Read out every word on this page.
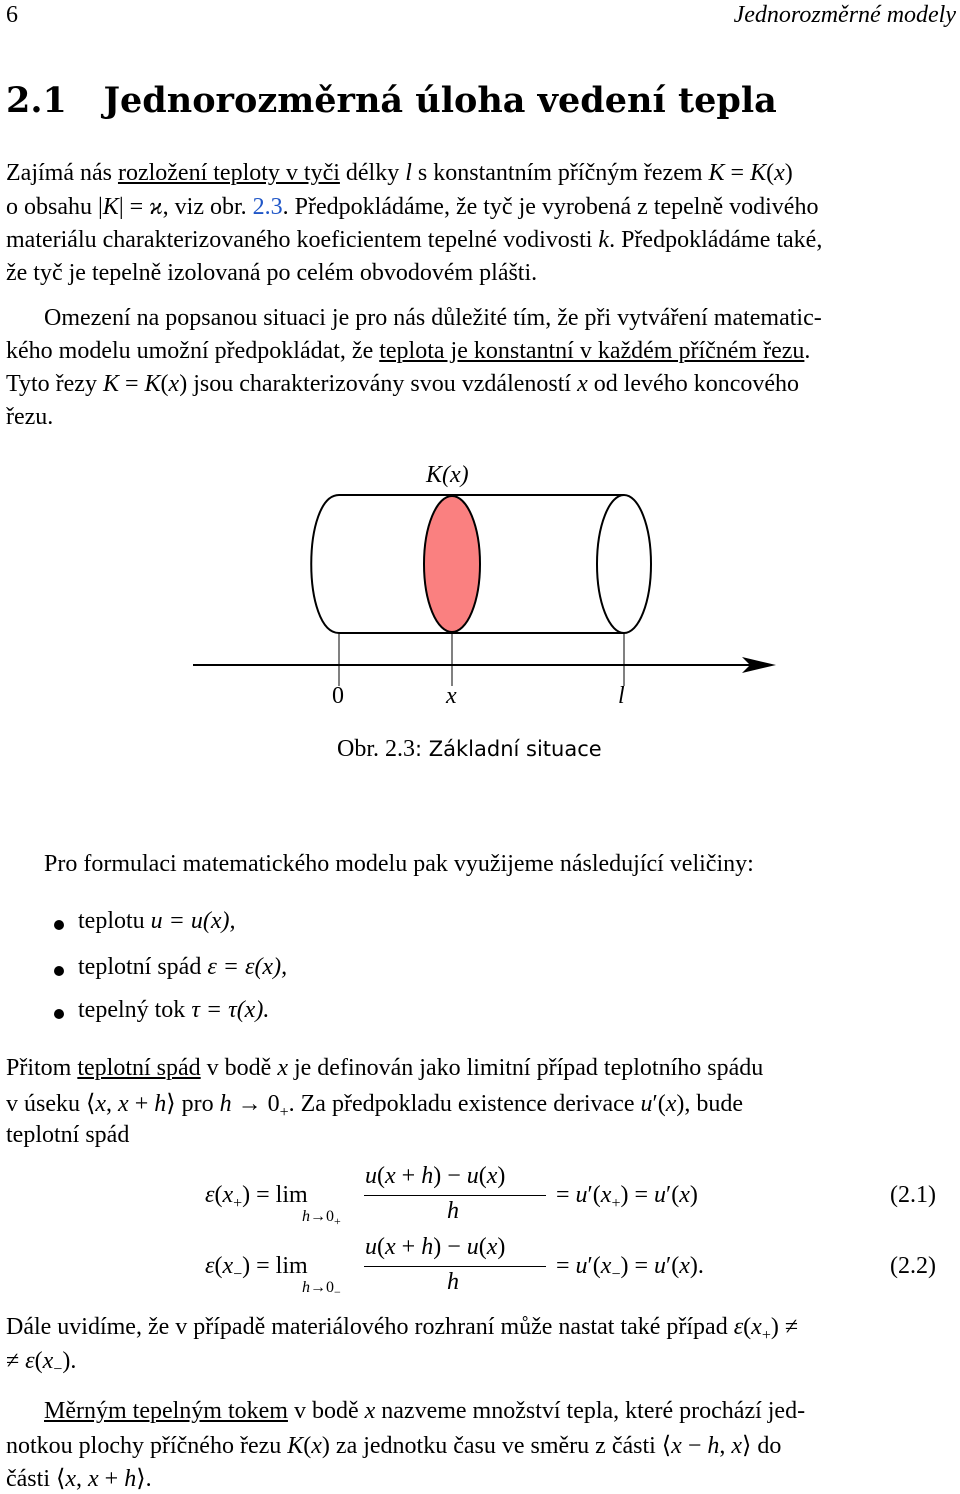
6	Jednorozměrné modely
2.1 Jednorozměrná úloha vedení tepla
Zajímá nás rozložení teploty v tyči délky l s konstantním příčným řezem K = K(x)
o obsahu |K| = ϰ, viz obr. 2.3. Předpokládáme, že tyč je vyrobená z tepelně vodivého
materiálu charakterizovaného koeficientem tepelné vodivosti k. Předpokládáme také,
že tyč je tepelně izolovaná po celém obvodovém plášti.
Omezení na popsanou situaci je pro nás důležité tím, že při vytváření matematic-
kého modelu umožní předpokládat, že teplota je konstantní v každém příčném řezu.
Tyto řezy K = K(x) jsou charakterizovány svou vzdáleností x od levého koncového
řezu.
K(x)
0	x	l
Obr. 2.3: Základní situace
Pro formulaci matematického modelu pak využijeme následující veličiny:
teplotu u = u(x),
teplotní spád ε = ε(x),
tepelný tok τ = τ(x).
Přitom teplotní spád v bodě x je definován jako limitní případ teplotního spádu
v úseku ⟨x, x + h⟩ pro $h \to 0_+$. Za předpokladu existence derivace u′(x), bude
teplotní spád
$\varepsilon(x_+) = \lim$
$h\to 0_+$
u(x + h) − u(x)
h
= $u'(x_+) = u'(x)$	(2.1)
$\varepsilon(x_-) = \lim$
$h\to 0_-$
u(x + h) − u(x)
h
= $u'(x_-) = u'(x)$.	(2.2)
Dále uvidíme, že v případě materiálového rozhraní může nastat také případ $\varepsilon(x_+)$ ≠
≠ $\varepsilon(x_-)$.
Měrným tepelným tokem v bodě x nazveme množství tepla, které prochází jed-
notkou plochy příčného řezu K(x) za jednotku času ve směru z části ⟨x − h, x⟩ do
části ⟨x, x + h⟩.
